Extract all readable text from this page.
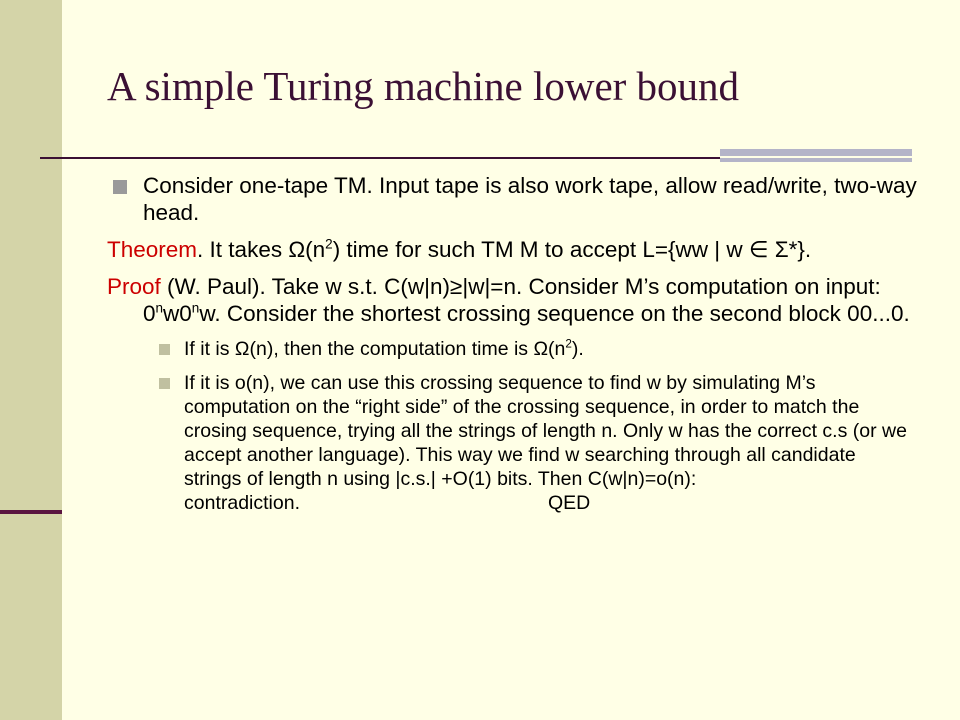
A simple Turing machine lower bound
Consider one-tape TM. Input tape is also work tape, allow read/write, two-way head.
Theorem. It takes $\Omega(n^2)$ time for such TM M to accept L={ww | w ∈ Σ*}.
Proof (W. Paul). Take w s.t. C(w|n)≥|w|=n. Consider M’s computation on input: 0$^n$w0$^n$w. Consider the shortest crossing sequence on the second block 00...0.
If it is Ω(n), then the computation time is $\Omega(n^2)$.
If it is o(n), we can use this crossing sequence to find w by simulating M’s computation on the “right side” of the crossing sequence, in order to match the crosing sequence, trying all the strings of length n. Only w has the correct c.s (or we accept another language). This way we find w searching through all candidate strings of length n using |c.s.| +O(1) bits. Then C(w|n)=o(n): contradiction.	QED
